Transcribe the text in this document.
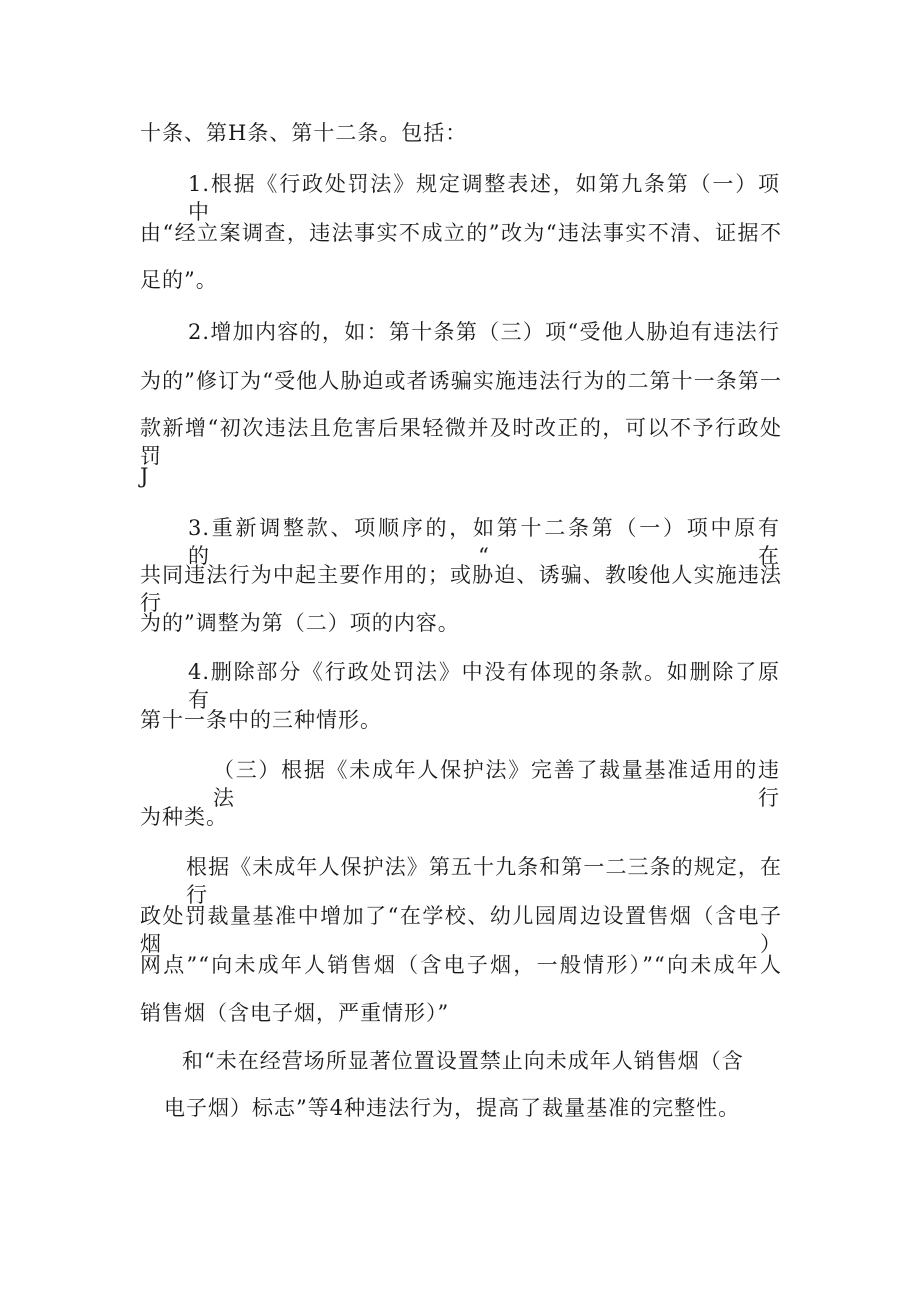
十条、第H条、第十二条。包括：
1.根据《行政处罚法》规定调整表述，如第九条第（一）项中
由“经立案调查，违法事实不成立的”改为“违法事实不清、证据不
足的”。
2.增加内容的，如：第十条第（三）项“受他人胁迫有违法行
为的”修订为“受他人胁迫或者诱骗实施违法行为的二第十一条第一
款新增“初次违法且危害后果轻微并及时改正的，可以不予行政处罚
J
3.重新调整款、项顺序的，如第十二条第（一）项中原有的“在
共同违法行为中起主要作用的；或胁迫、诱骗、教唆他人实施违法行
为的”调整为第（二）项的内容。
4.删除部分《行政处罚法》中没有体现的条款。如删除了原有
第十一条中的三种情形。
（三）根据《未成年人保护法》完善了裁量基准适用的违法行
为种类。
根据《未成年人保护法》第五十九条和第一二三条的规定，在行
政处罚裁量基准中增加了“在学校、幼儿园周边设置售烟（含电子烟）
网点”“向未成年人销售烟（含电子烟，一般情形）”“向未成年人
销售烟（含电子烟，严重情形）”
和“未在经营场所显著位置设置禁止向未成年人销售烟（含
电子烟）标志”等4种违法行为，提高了裁量基准的完整性。
